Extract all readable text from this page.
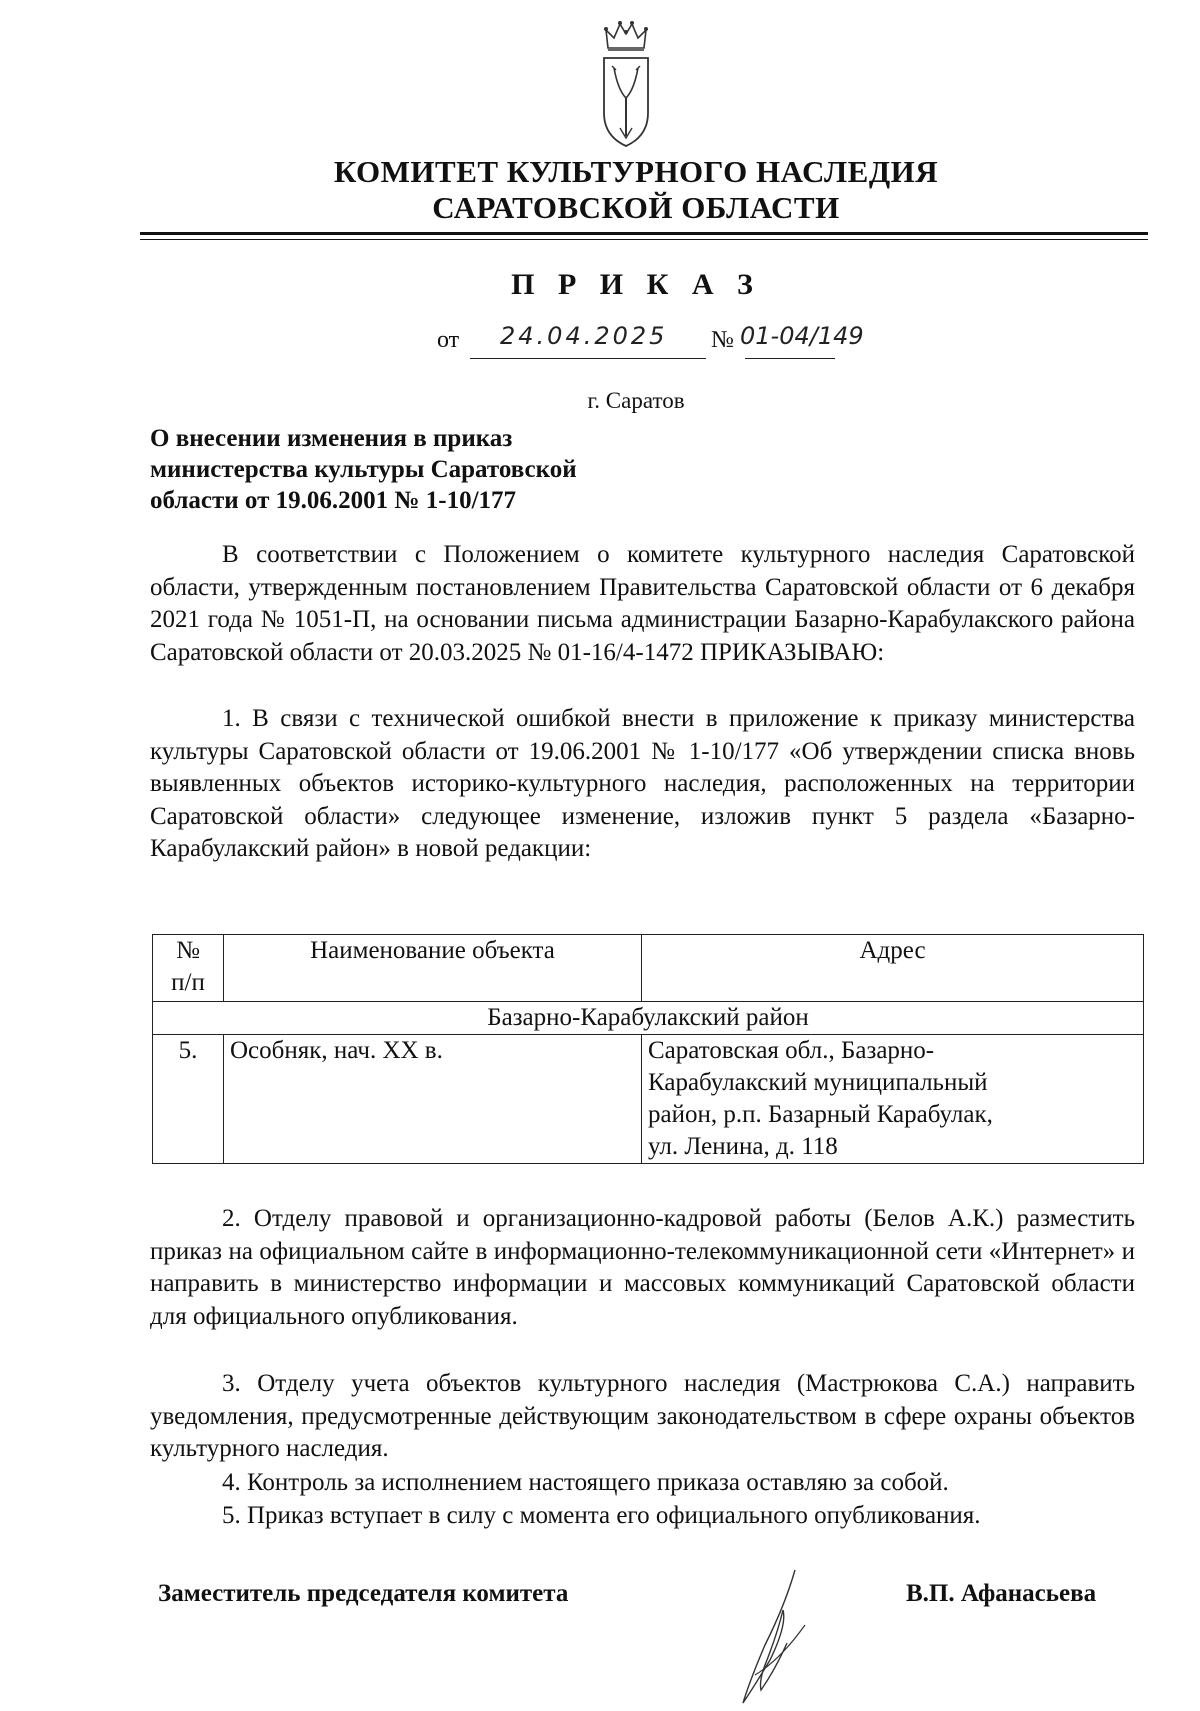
КОМИТЕТ КУЛЬТУРНОГО НАСЛЕДИЯ
САРАТОВСКОЙ ОБЛАСТИ
П Р И К А З
от 24.04.2025 № 01-04/149
г. Саратов
О внесении изменения в приказ
министерства культуры Саратовской
области от 19.06.2001 № 1-10/177

В соответствии с Положением о комитете культурного наследия Саратовской области, утвержденным постановлением Правительства Саратовской области от 6 декабря 2021 года № 1051-П, на основании письма администрации Базарно-Карабулакского района Саратовской области от 20.03.2025 № 01-16/4-1472 ПРИКАЗЫВАЮ:

1. В связи с технической ошибкой внести в приложение к приказу министерства культуры Саратовской области от 19.06.2001 № 1-10/177 «Об утверждении списка вновь выявленных объектов историко-культурного наследия, расположенных на территории Саратовской области» следующее изменение, изложив пункт 5 раздела «Базарно-Карабулакский район» в новой редакции:

№
п/п	Наименование объекта	Адрес
Базарно-Карабулакский район		
5.	Особняк, нач. XX в.	Саратовская обл., Базарно-
Карабулакский муниципальный
район, р.п. Базарный Карабулак,
ул. Ленина, д. 118

2. Отделу правовой и организационно-кадровой работы (Белов А.К.) разместить приказ на официальном сайте в информационно-телекоммуникационной сети «Интернет» и направить в министерство информации и массовых коммуникаций Саратовской области для официального опубликования.

3. Отделу учета объектов культурного наследия (Мастрюкова С.А.) направить уведомления, предусмотренные действующим законодательством в сфере охраны объектов культурного наследия.

4. Контроль за исполнением настоящего приказа оставляю за собой.

5. Приказ вступает в силу с момента его официального опубликования.

Заместитель председателя комитета	В.П. Афанасьева
